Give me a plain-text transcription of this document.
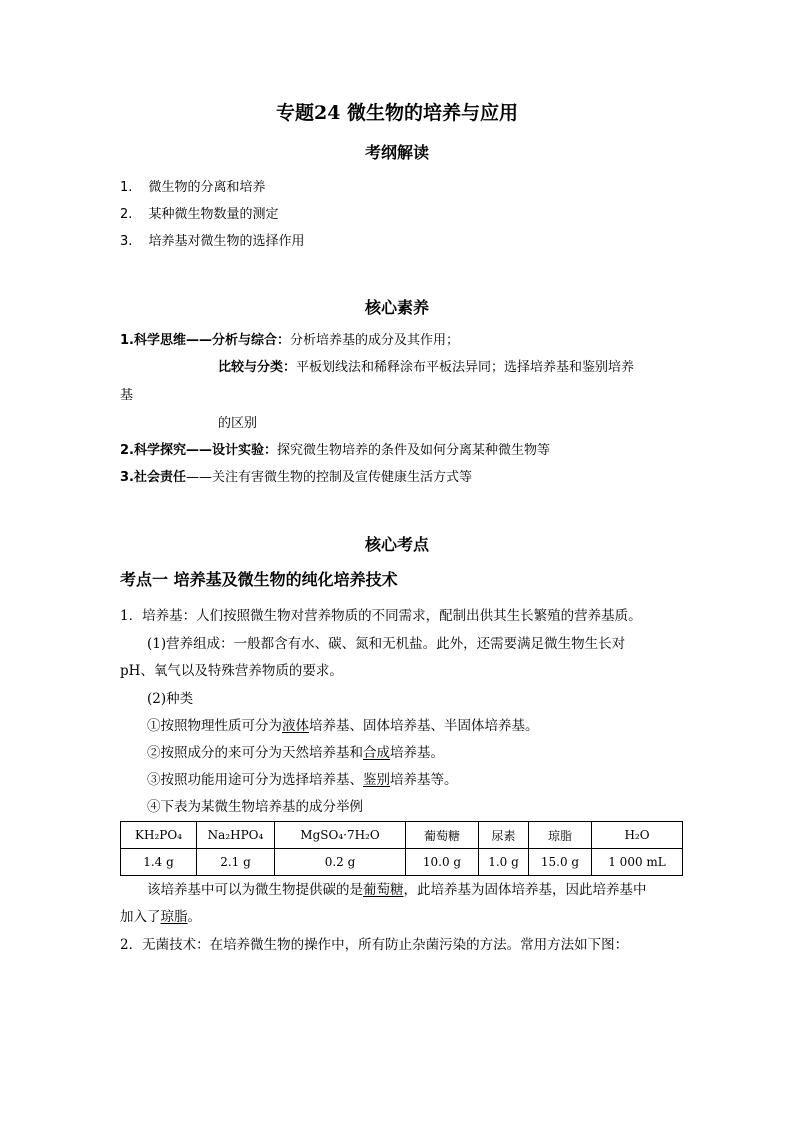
专题24 微生物的培养与应用
考纲解读
1. 微生物的分离和培养
2. 某种微生物数量的测定
3. 培养基对微生物的选择作用
核心素养
1.科学思维——分析与综合：分析培养基的成分及其作用；
比较与分类：平板划线法和稀释涂布平板法异同；选择培养基和鉴别培养
基
的区别
2.科学探究——设计实验：探究微生物培养的条件及如何分离某种微生物等
3.社会责任——关注有害微生物的控制及宣传健康生活方式等
核心考点
考点一 培养基及微生物的纯化培养技术
1．培养基：人们按照微生物对营养物质的不同需求，配制出供其生长繁殖的营养基质。
(1)营养组成：一般都含有水、碳、氮和无机盐。此外，还需要满足微生物生长对
pH、氧气以及特殊营养物质的要求。
(2)种类
①按照物理性质可分为液体培养基、固体培养基、半固体培养基。
②按照成分的来可分为天然培养基和合成培养基。
③按照功能用途可分为选择培养基、鉴别培养基等。
④下表为某微生物培养基的成分举例
KH₂PO₄	Na₂HPO₄	MgSO₄·7H₂O	葡萄糖	尿素	琼脂	H₂O
1.4 g	2.1 g	0.2 g	10.0 g	1.0 g	15.0 g	1 000 mL
该培养基中可以为微生物提供碳的是葡萄糖，此培养基为固体培养基，因此培养基中
加入了琼脂。
2．无菌技术：在培养微生物的操作中，所有防止杂菌污染的方法。常用方法如下图：
